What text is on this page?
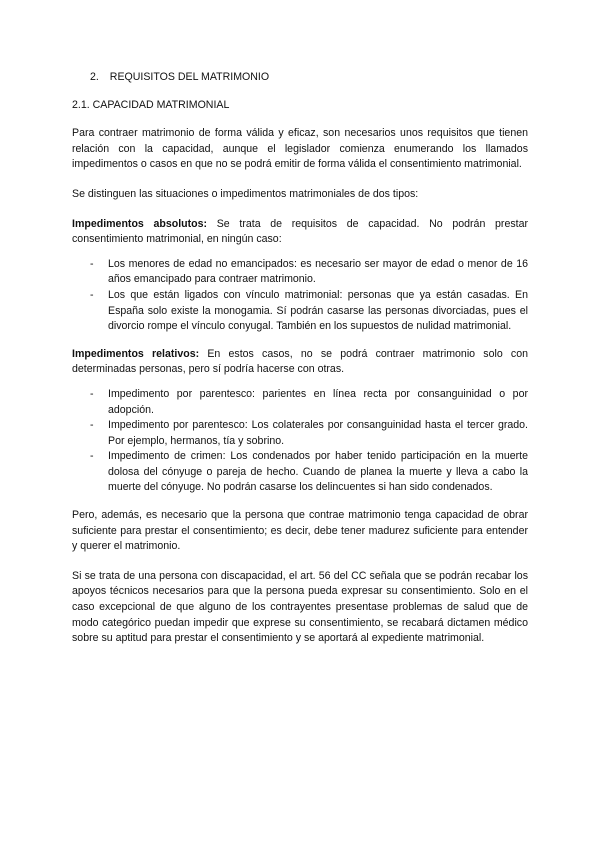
2. REQUISITOS DEL MATRIMONIO
2.1. CAPACIDAD MATRIMONIAL

Para contraer matrimonio de forma válida y eficaz, son necesarios unos requisitos que tienen relación con la capacidad, aunque el legislador comienza enumerando los llamados impedimentos o casos en que no se podrá emitir de forma válida el consentimiento matrimonial.

Se distinguen las situaciones o impedimentos matrimoniales de dos tipos:

Impedimentos absolutos: Se trata de requisitos de capacidad. No podrán prestar consentimiento matrimonial, en ningún caso:

- Los menores de edad no emancipados: es necesario ser mayor de edad o menor de 16 años emancipado para contraer matrimonio.
- Los que están ligados con vínculo matrimonial: personas que ya están casadas. En España solo existe la monogamia. Sí podrán casarse las personas divorciadas, pues el divorcio rompe el vínculo conyugal. También en los supuestos de nulidad matrimonial.

Impedimentos relativos: En estos casos, no se podrá contraer matrimonio solo con determinadas personas, pero sí podría hacerse con otras.

- Impedimento por parentesco: parientes en línea recta por consanguinidad o por adopción.
- Impedimento por parentesco: Los colaterales por consanguinidad hasta el tercer grado. Por ejemplo, hermanos, tía y sobrino.
- Impedimento de crimen: Los condenados por haber tenido participación en la muerte dolosa del cónyuge o pareja de hecho. Cuando de planea la muerte y lleva a cabo la muerte del cónyuge. No podrán casarse los delincuentes si han sido condenados.

Pero, además, es necesario que la persona que contrae matrimonio tenga capacidad de obrar suficiente para prestar el consentimiento; es decir, debe tener madurez suficiente para entender y querer el matrimonio.

Si se trata de una persona con discapacidad, el art. 56 del CC señala que se podrán recabar los apoyos técnicos necesarios para que la persona pueda expresar su consentimiento. Solo en el caso excepcional de que alguno de los contrayentes presentase problemas de salud que de modo categórico puedan impedir que exprese su consentimiento, se recabará dictamen médico sobre su aptitud para prestar el consentimiento y se aportará al expediente matrimonial.
